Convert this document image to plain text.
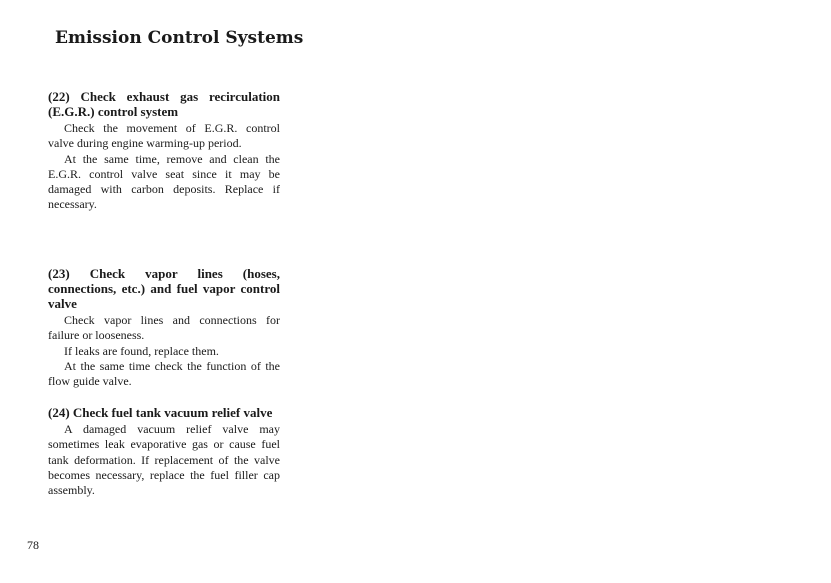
Emission Control Systems
(22) Check exhaust gas recirculation (E.G.R.) control system

Check the movement of E.G.R. control valve during engine warming-up period.

At the same time, remove and clean the E.G.R. control valve seat since it may be damaged with carbon deposits. Replace if necessary.

(23) Check vapor lines (hoses, connections, etc.) and fuel vapor control valve

Check vapor lines and connections for failure or looseness.

If leaks are found, replace them.

At the same time check the function of the flow guide valve.

(24) Check fuel tank vacuum relief valve

A damaged vacuum relief valve may sometimes leak evaporative gas or cause fuel tank deformation. If replacement of the valve becomes necessary, replace the fuel filler cap assembly.

78
